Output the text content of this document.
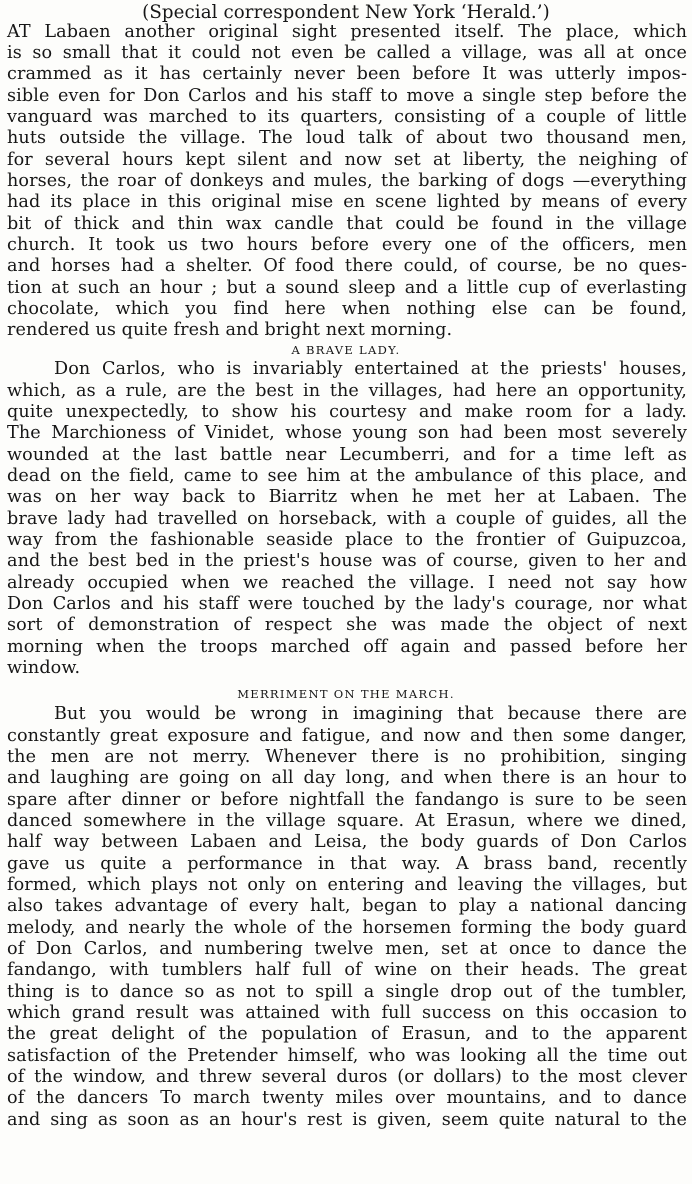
(Special correspondent New York ‘Herald.’)
AT Labaen another original sight presented itself. The place, which
is so small that it could not even be called a village, was all at once
crammed as it has certainly never been before It was utterly impos-
sible even for Don Carlos and his staff to move a single step before the
vanguard was marched to its quarters, consisting of a couple of little
huts outside the village. The loud talk of about two thousand men,
for several hours kept silent and now set at liberty, the neighing of
horses, the roar of donkeys and mules, the barking of dogs —everything
had its place in this original mise en scene lighted by means of every
bit of thick and thin wax candle that could be found in the village
church. It took us two hours before every one of the officers, men
and horses had a shelter. Of food there could, of course, be no ques-
tion at such an hour ; but a sound sleep and a little cup of everlasting
chocolate, which you find here when nothing else can be found,
rendered us quite fresh and bright next morning.
A BRAVE LADY.
Don Carlos, who is invariably entertained at the priests' houses,
which, as a rule, are the best in the villages, had here an opportunity,
quite unexpectedly, to show his courtesy and make room for a lady.
The Marchioness of Vinidet, whose young son had been most severely
wounded at the last battle near Lecumberri, and for a time left as
dead on the field, came to see him at the ambulance of this place, and
was on her way back to Biarritz when he met her at Labaen. The
brave lady had travelled on horseback, with a couple of guides, all the
way from the fashionable seaside place to the frontier of Guipuzcoa,
and the best bed in the priest's house was of course, given to her and
already occupied when we reached the village. I need not say how
Don Carlos and his staff were touched by the lady's courage, nor what
sort of demonstration of respect she was made the object of next
morning when the troops marched off again and passed before her
window.
MERRIMENT ON THE MARCH.
But you would be wrong in imagining that because there are
constantly great exposure and fatigue, and now and then some danger,
the men are not merry. Whenever there is no prohibition, singing
and laughing are going on all day long, and when there is an hour to
spare after dinner or before nightfall the fandango is sure to be seen
danced somewhere in the village square. At Erasun, where we dined,
half way between Labaen and Leisa, the body guards of Don Carlos
gave us quite a performance in that way. A brass band, recently
formed, which plays not only on entering and leaving the villages, but
also takes advantage of every halt, began to play a national dancing
melody, and nearly the whole of the horsemen forming the body guard
of Don Carlos, and numbering twelve men, set at once to dance the
fandango, with tumblers half full of wine on their heads. The great
thing is to dance so as not to spill a single drop out of the tumbler,
which grand result was attained with full success on this occasion to
the great delight of the population of Erasun, and to the apparent
satisfaction of the Pretender himself, who was looking all the time out
of the window, and threw several duros (or dollars) to the most clever
of the dancers To march twenty miles over mountains, and to dance
and sing as soon as an hour's rest is given, seem quite natural to the
